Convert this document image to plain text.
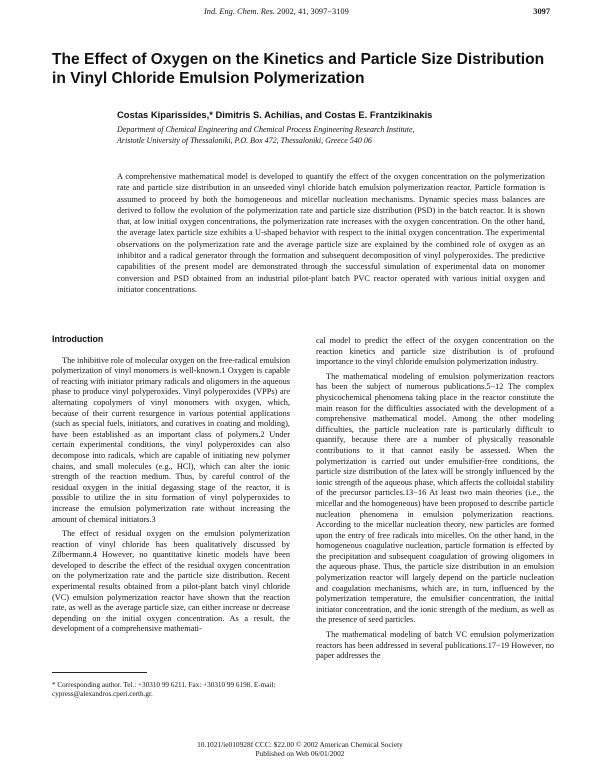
Ind. Eng. Chem. Res. 2002, 41, 3097−3109	3097
The Effect of Oxygen on the Kinetics and Particle Size Distribution in Vinyl Chloride Emulsion Polymerization
Costas Kiparissides,* Dimitris S. Achilias, and Costas E. Frantzikinakis
Department of Chemical Engineering and Chemical Process Engineering Research Institute,
Aristotle University of Thessaloniki, P.O. Box 472, Thessaloniki, Greece 540 06

A comprehensive mathematical model is developed to quantify the effect of the oxygen concentration on the polymerization rate and particle size distribution in an unseeded vinyl chloride batch emulsion polymerization reactor. Particle formation is assumed to proceed by both the homogeneous and micellar nucleation mechanisms. Dynamic species mass balances are derived to follow the evolution of the polymerization rate and particle size distribution (PSD) in the batch reactor. It is shown that, at low initial oxygen concentrations, the polymerization rate increases with the oxygen concentration. On the other hand, the average latex particle size exhibits a U-shaped behavior with respect to the initial oxygen concentration. The experimental observations on the polymerization rate and the average particle size are explained by the combined role of oxygen as an inhibitor and a radical generator through the formation and subsequent decomposition of vinyl polyperoxides. The predictive capabilities of the present model are demonstrated through the successful simulation of experimental data on monomer conversion and PSD obtained from an industrial pilot-plant batch PVC reactor operated with various initial oxygen and initiator concentrations.

Introduction

The inhibitive role of molecular oxygen on the free-radical emulsion polymerization of vinyl monomers is well-known.1 Oxygen is capable of reacting with initiator primary radicals and oligomers in the aqueous phase to produce vinyl polyperoxides. Vinyl polyperoxides (VPPs) are alternating copolymers of vinyl monomers with oxygen, which, because of their current resurgence in various potential applications (such as special fuels, initiators, and curatives in coating and molding), have been established as an important class of polymers.2 Under certain experimental conditions, the vinyl polyperoxides can also decompose into radicals, which are capable of initiating new polymer chains, and small molecules (e.g., HCl), which can alter the ionic strength of the reaction medium. Thus, by careful control of the residual oxygen in the initial degassing stage of the reactor, it is possible to utilize the in situ formation of vinyl polyperoxides to increase the emulsion polymerization rate without increasing the amount of chemical initiators.3

The effect of residual oxygen on the emulsion polymerization reaction of vinyl chloride has been qualitatively discussed by Zilbermann.4 However, no quantitative kinetic models have been developed to describe the effect of the residual oxygen concentration on the polymerization rate and the particle size distribution. Recent experimental results obtained from a pilot-plant batch vinyl chloride (VC) emulsion polymerization reactor have shown that the reaction rate, as well as the average particle size, can either increase or decrease depending on the initial oxygen concentration. As a result, the development of a comprehensive mathemati-

cal model to predict the effect of the oxygen concentration on the reaction kinetics and particle size distribution is of profound importance to the vinyl chloride emulsion polymerization industry.

The mathematical modeling of emulsion polymerization reactors has been the subject of numerous publications.5−12 The complex physicochemical phenomena taking place in the reactor constitute the main reason for the difficulties associated with the development of a comprehensive mathematical model. Among the other modeling difficulties, the particle nucleation rate is particularly difficult to quantify, because there are a number of physically reasonable contributions to it that cannot easily be assessed. When the polymerization is carried out under emulsifier-free conditions, the particle size distribution of the latex will be strongly influenced by the ionic strength of the aqueous phase, which affects the colloidal stability of the precursor particles.13−16 At least two main theories (i.e., the micellar and the homogeneous) have been proposed to describe particle nucleation phenomena in emulsion polymerization reactions. According to the micellar nucleation theory, new particles are formed upon the entry of free radicals into micelles. On the other hand, in the homogeneous coagulative nucleation, particle formation is effected by the precipitation and subsequent coagulation of growing oligomers in the aqueous phase. Thus, the particle size distribution in an emulsion polymerization reactor will largely depend on the particle nucleation and coagulation mechanisms, which are, in turn, influenced by the polymerization temperature, the emulsifier concentration, the initial initiator concentration, and the ionic strength of the medium, as well as the presence of seed particles.

The mathematical modeling of batch VC emulsion polymerization reactors has been addressed in several publications.17−19 However, no paper addresses the

* Corresponding author. Tel.: +30310 99 6211. Fax: +30310 99 6198. E-mail: cypress@alexandros.cperi.certh.gr.
10.1021/ie010928f CCC: $22.00 © 2002 American Chemical Society
Published on Web 06/01/2002
